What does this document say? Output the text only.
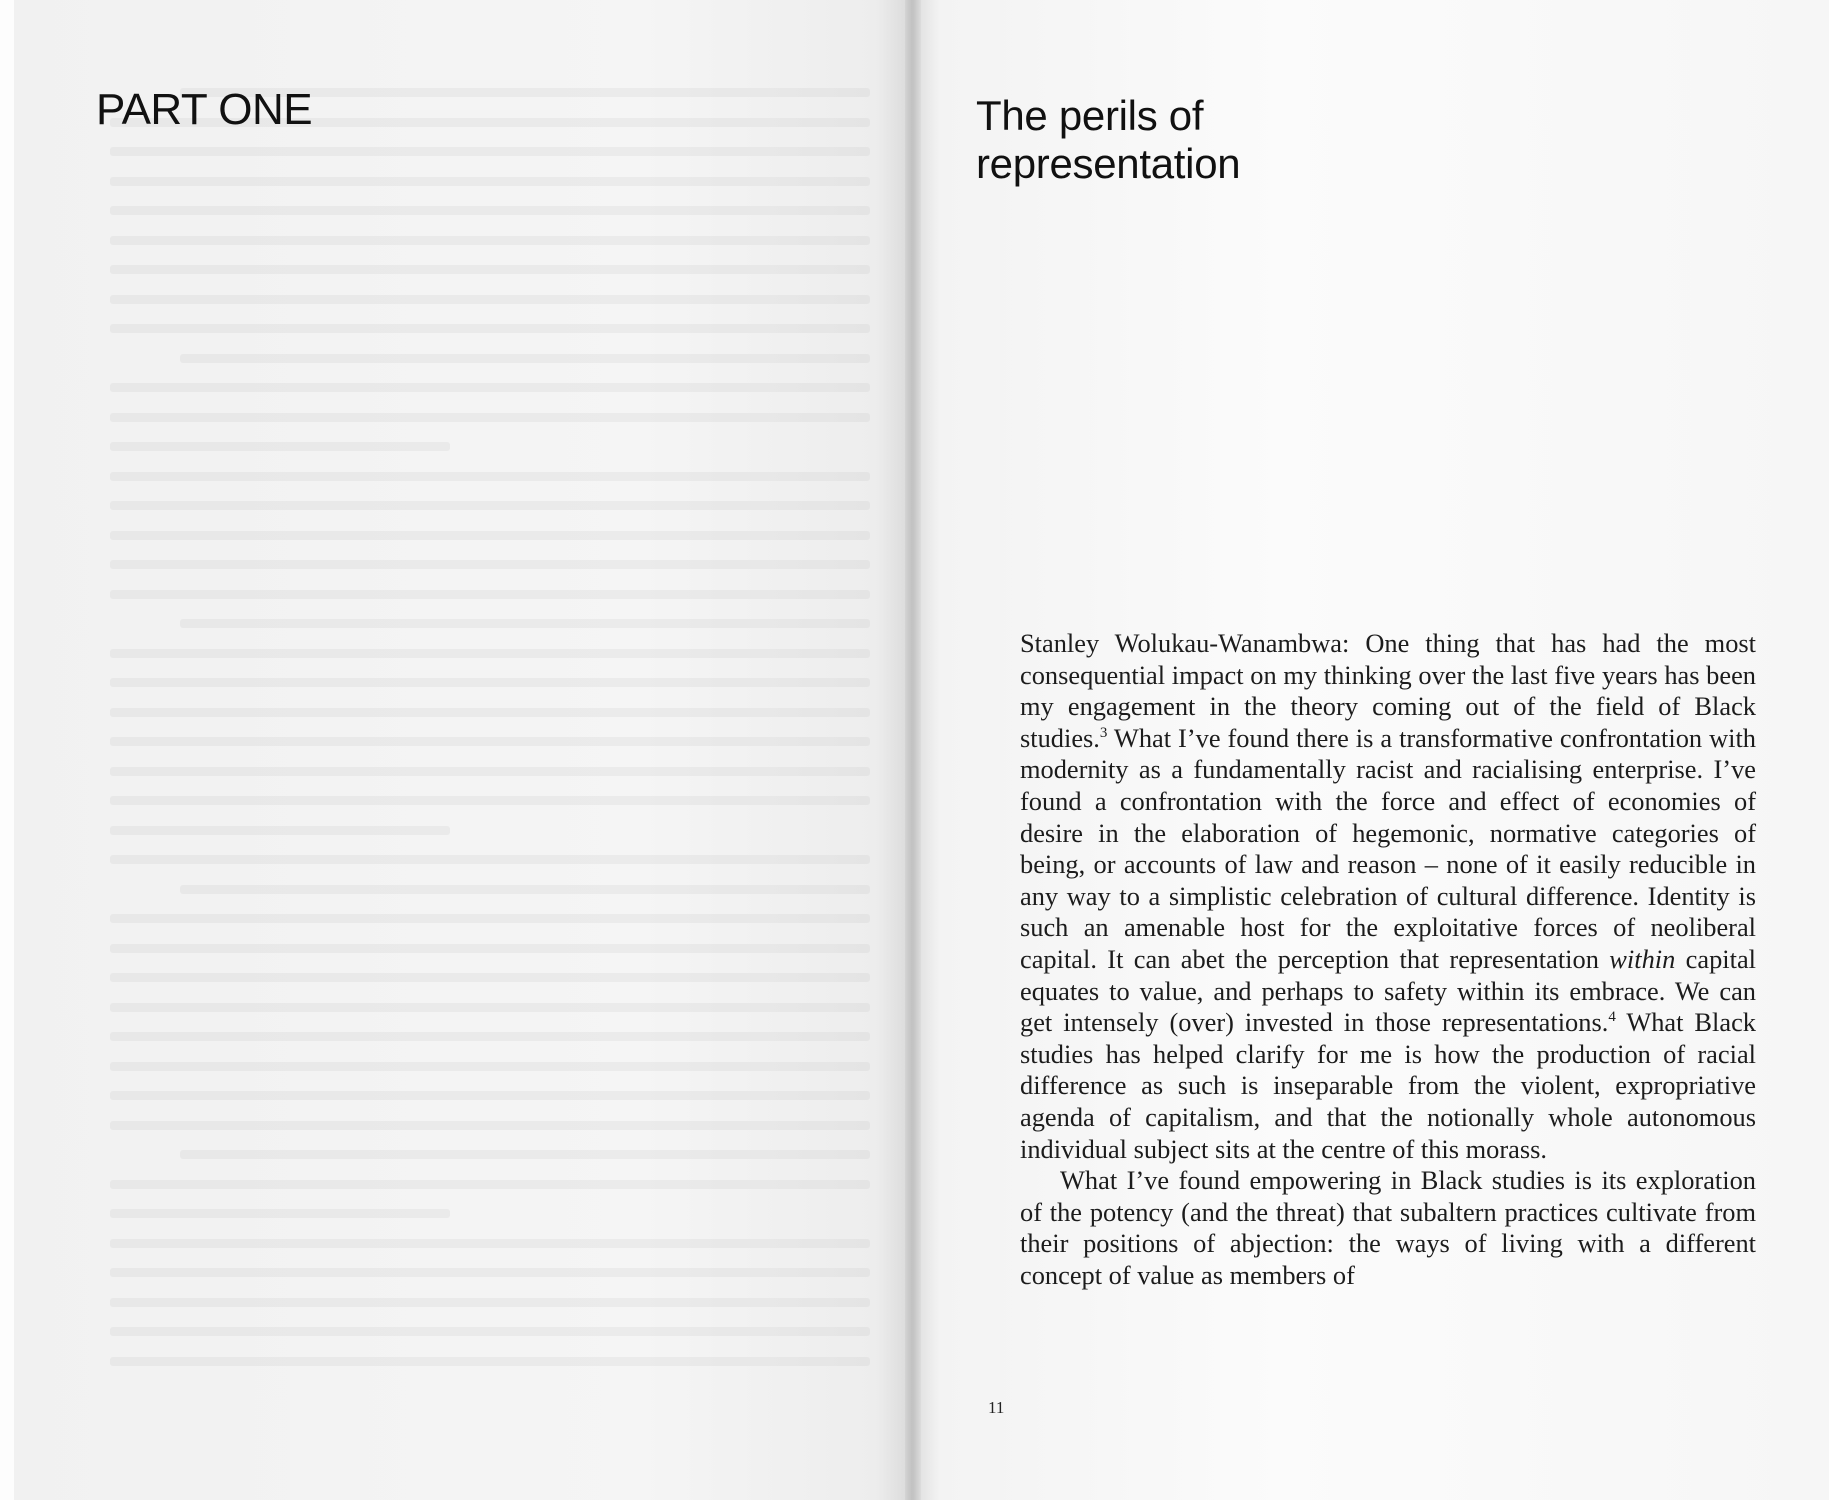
PART ONE	The perils of
representation

Stanley Wolukau-Wanambwa: One thing that has had the most consequential impact on my thinking over the last five years has been my engagement in the theory coming out of the field of Black studies.$^3$ What I’ve found there is a transformative confrontation with modernity as a fundamentally racist and racialising enterprise. I’ve found a confrontation with the force and effect of economies of desire in the elaboration of hegemonic, normative categories of being, or accounts of law and reason – none of it easily reducible in any way to a simplistic celebration of cultural difference. Identity is such an amenable host for the exploitative forces of neoliberal capital. It can abet the perception that representation within capital equates to value, and perhaps to safety within its embrace. We can get intensely (over) invested in those representations.$^4$ What Black studies has helped clarify for me is how the production of racial difference as such is inseparable from the violent, expropriative agenda of capitalism, and that the notionally whole autonomous individual subject sits at the centre of this morass.

What I’ve found empowering in Black studies is its exploration of the potency (and the threat) that subaltern practices cultivate from their positions of abjection: the ways of living with a different concept of value as members of

11
